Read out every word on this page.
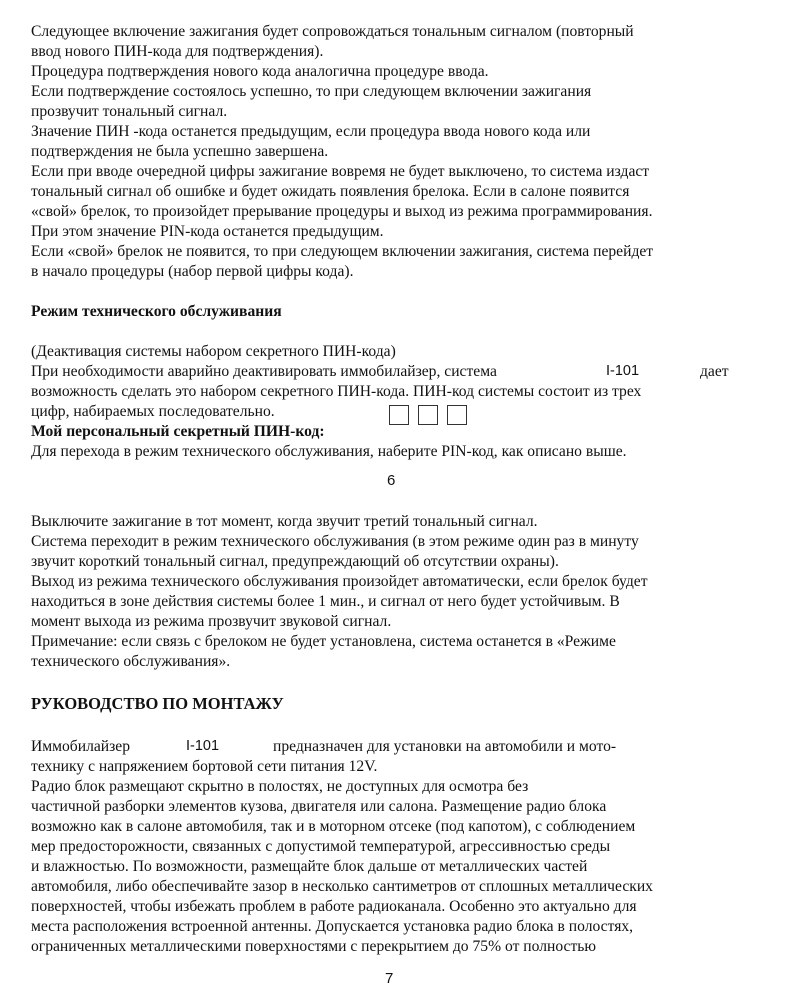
Следующее включение зажигания будет сопровождаться тональным сигналом (повторный

ввод нового ПИН-кода для подтверждения).

Процедура подтверждения нового кода аналогична процедуре ввода.

Если подтверждение состоялось успешно, то при следующем включении зажигания

прозвучит тональный сигнал.

Значение ПИН -кода останется предыдущим, если процедура ввода нового кода или

подтверждения не была успешно завершена.

Если при вводе очередной цифры зажигание вовремя не будет выключено, то система издаст

тональный сигнал об ошибке и будет ожидать появления брелока. Если в салоне появится

«свой» брелок, то произойдет прерывание процедуры и выход из режима программирования.

При этом значение PIN-кода останется предыдущим.

Если «свой» брелок не появится, то при следующем включении зажигания, система перейдет

в начало процедуры (набор первой цифры кода).

Режим технического обслуживания

(Деактивация системы набором секретного ПИН-кода)

При необходимости аварийно деактивировать иммобилайзер, система	I-101	дает

возможность сделать это набором секретного ПИН-кода. ПИН-код системы состоит из трех

цифр, набираемых последовательно.

Мой персональный секретный ПИН-код:

Для перехода в режим технического обслуживания, наберите PIN-код, как описано выше.

6

Выключите зажигание в тот момент, когда звучит третий тональный сигнал.

Система переходит в режим технического обслуживания (в этом режиме один раз в минуту

звучит короткий тональный сигнал, предупреждающий об отсутствии охраны).

Выход из режима технического обслуживания произойдет автоматически, если брелок будет

находиться в зоне действия системы более 1 мин., и сигнал от него будет устойчивым. В

момент выхода из режима прозвучит звуковой сигнал.

Примечание: если связь с брелоком не будет установлена, система останется в «Режиме

технического обслуживания».

РУКОВОДСТВО ПО МОНТАЖУ

Иммобилайзер	I-101	предназначен для установки на автомобили и мото-

технику с напряжением бортовой сети питания 12V.

Радио блок размещают скрытно в полостях, не доступных для осмотра без

частичной разборки элементов кузова, двигателя или салона. Размещение радио блока

возможно как в салоне автомобиля, так и в моторном отсеке (под капотом), с соблюдением

мер предосторожности, связанных с допустимой температурой, агрессивностью среды

и влажностью. По возможности, размещайте блок дальше от металлических частей

автомобиля, либо обеспечивайте зазор в несколько сантиметров от сплошных металлических

поверхностей, чтобы избежать проблем в работе радиоканала. Особенно это актуально для

места расположения встроенной антенны. Допускается установка радио блока в полостях,

ограниченных металлическими поверхностями с перекрытием до 75% от полностью

7
